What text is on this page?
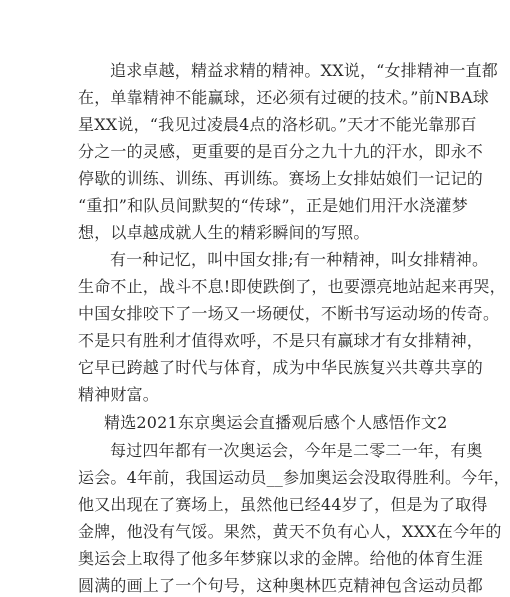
追求卓越，精益求精的精神。XX说，“女排精神一直都
在，单靠精神不能赢球，还必须有过硬的技术。”前NBA球
星XX说，“我见过凌晨4点的洛杉矶。”天才不能光靠那百
分之一的灵感，更重要的是百分之九十九的汗水，即永不
停歇的训练、训练、再训练。赛场上女排姑娘们一记记的
“重扣”和队员间默契的“传球”，正是她们用汗水浇灌梦
想，以卓越成就人生的精彩瞬间的写照。
有一种记忆，叫中国女排;有一种精神，叫女排精神。
生命不止，战斗不息!即使跌倒了，也要漂亮地站起来再哭，
中国女排咬下了一场又一场硬仗，不断书写运动场的传奇。
不是只有胜利才值得欢呼，不是只有赢球才有女排精神，
它早已跨越了时代与体育，成为中华民族复兴共尊共享的
精神财富。
精选2021东京奥运会直播观后感个人感悟作文2
每过四年都有一次奥运会，今年是二零二一年，有奥
运会。4年前，我国运动员__参加奥运会没取得胜利。今年，
他又出现在了赛场上，虽然他已经44岁了，但是为了取得
金牌，他没有气馁。果然，黄天不负有心人，XXX在今年的
奥运会上取得了他多年梦寐以求的金牌。给他的体育生涯
圆满的画上了一个句号，这种奥林匹克精神包含运动员都
